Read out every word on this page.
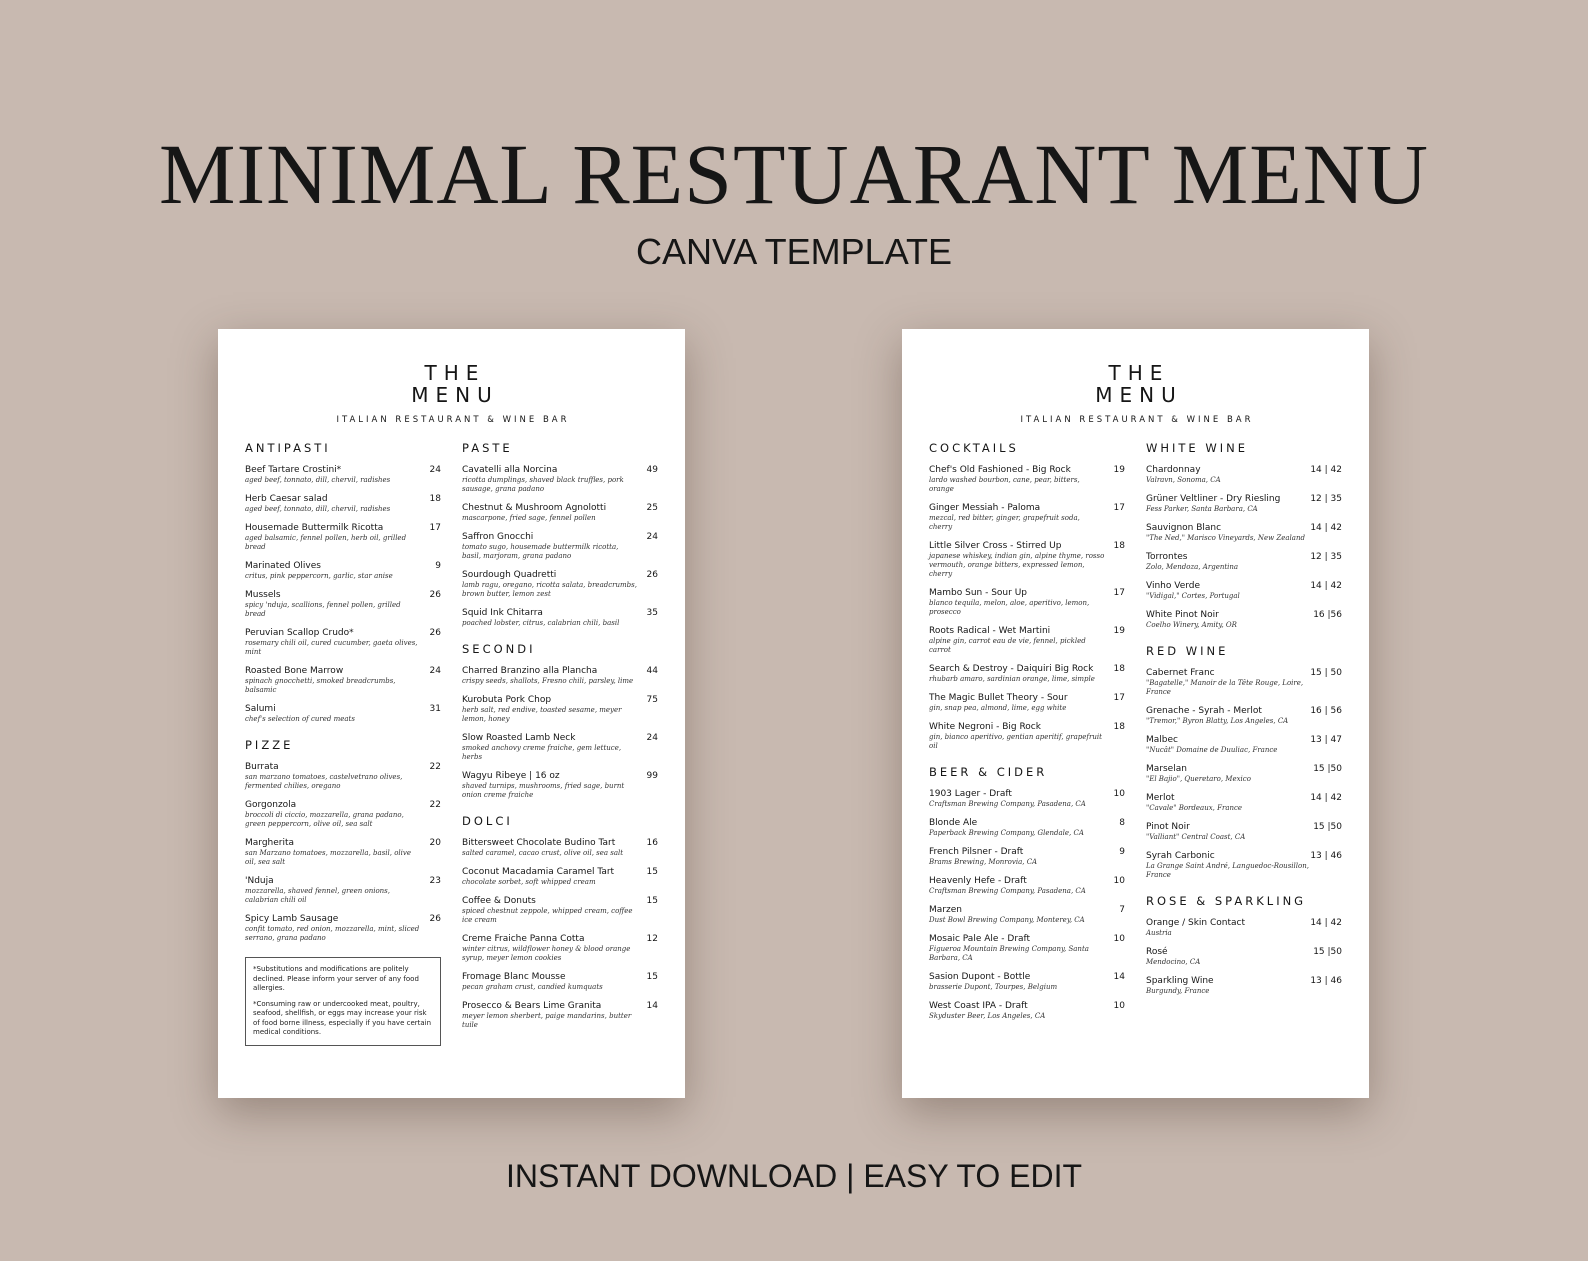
MINIMAL RESTUARANT MENU
CANVA TEMPLATE
THE
MENU
ITALIAN RESTAURANT & WINE BAR
ANTIPASTI
Beef Tartare Crostini*	24
aged beef, tonnato, dill, chervil, radishes
Herb Caesar salad	18
aged beef, tonnato, dill, chervil, radishes
Housemade Buttermilk Ricotta	17
aged balsamic, fennel pollen, herb oil, grilled bread
Marinated Olives	9
critus, pink peppercorn, garlic, star anise
Mussels	26
spicy 'nduja, scallions, fennel pollen, grilled bread
Peruvian Scallop Crudo*	26
rosemary chili oil, cured cucumber, gaeta olives, mint
Roasted Bone Marrow	24
spinach gnocchetti, smoked breadcrumbs, balsamic
Salumi	31
chef's selection of cured meats
PIZZE
Burrata	22
san marzano tomatoes, castelvetrano olives, fermented chilies, oregano
Gorgonzola	22
broccoli di ciccio, mozzarella, grana padano, green peppercorn, olive oil, sea salt
Margherita	20
san Marzano tomatoes, mozzarella, basil, olive oil, sea salt
'Nduja	23
mozzarella, shaved fennel, green onions, calabrian chili oil
Spicy Lamb Sausage	26
confit tomato, red onion, mozzarella, mint, sliced serrano, grana padano

*Substitutions and modifications are politely declined. Please inform your server of any food allergies.

*Consuming raw or undercooked meat, poultry, seafood, shellfish, or eggs may increase your risk of food borne illness, especially if you have certain medical conditions.

PASTE
Cavatelli alla Norcina	49
ricotta dumplings, shaved black truffles, pork sausage, grana padano
Chestnut & Mushroom Agnolotti	25
mascarpone, fried sage, fennel pollen
Saffron Gnocchi	24
tomato sugo, housemade buttermilk ricotta, basil, marjoram, grana padano
Sourdough Quadretti	26
lamb ragu, oregano, ricotta salata, breadcrumbs, brown butter, lemon zest
Squid Ink Chitarra	35
poached lobster, citrus, calabrian chili, basil
SECONDI
Charred Branzino alla Plancha	44
crispy seeds, shallots, Fresno chili, parsley, lime
Kurobuta Pork Chop	75
herb salt, red endive, toasted sesame, meyer lemon, honey
Slow Roasted Lamb Neck	24
smoked anchovy creme fraiche, gem lettuce, herbs
Wagyu Ribeye | 16 oz	99
shaved turnips, mushrooms, fried sage, burnt onion creme fraiche
DOLCI
Bittersweet Chocolate Budino Tart	16
salted caramel, cacao crust, olive oil, sea salt
Coconut Macadamia Caramel Tart	15
chocolate sorbet, soft whipped cream
Coffee & Donuts	15
spiced chestnut zeppole, whipped cream, coffee ice cream
Creme Fraiche Panna Cotta	12
winter citrus, wildflower honey & blood orange syrup, meyer lemon cookies
Fromage Blanc Mousse	15
pecan graham crust, candied kumquats
Prosecco & Bears Lime Granita	14
meyer lemon sherbert, paige mandarins, butter tuile
THE
MENU
ITALIAN RESTAURANT & WINE BAR
COCKTAILS
Chef's Old Fashioned - Big Rock	19
lardo washed bourbon, cane, pear, bitters, orange
Ginger Messiah - Paloma	17
mezcal, red bitter, ginger, grapefruit soda, cherry
Little Silver Cross - Stirred Up	18
japanese whiskey, indian gin, alpine thyme, rosso vermouth, orange bitters, expressed lemon, cherry
Mambo Sun - Sour Up	17
blanco tequila, melon, aloe, aperitivo, lemon, prosecco
Roots Radical - Wet Martini	19
alpine gin, carrot eau de vie, fennel, pickled carrot
Search & Destroy - Daiquiri Big Rock 18
rhubarb amaro, sardinian orange, lime, simple
The Magic Bullet Theory - Sour	17
gin, snap pea, almond, lime, egg white
White Negroni - Big Rock	18
gin, bianco aperitivo, gentian aperitif, grapefruit oil
BEER & CIDER
1903 Lager - Draft	10
Craftsman Brewing Company, Pasadena, CA
Blonde Ale	8
Paperback Brewing Company, Glendale, CA
French Pilsner - Draft	9
Brams Brewing, Monrovia, CA
Heavenly Hefe - Draft	10
Craftsman Brewing Company, Pasadena, CA
Marzen	7
Dust Bowl Brewing Company, Monterey, CA
Mosaic Pale Ale - Draft	10
Figueroa Mountain Brewing Company, Santa Barbara, CA
Sasion Dupont - Bottle	14
brasserie Dupont, Tourpes, Belgium
West Coast IPA - Draft	10
Skyduster Beer, Los Angeles, CA
WHITE WINE
Chardonnay	14 | 42
Valravn, Sonoma, CA
Grüner Veltliner - Dry Riesling	12 | 35
Fess Parker, Santa Barbara, CA
Sauvignon Blanc	14 | 42
"The Ned," Marisco Vineyards, New Zealand
Torrontes	12 | 35
Zolo, Mendoza, Argentina
Vinho Verde	14 | 42
"Vidigal," Cortes, Portugal
White Pinot Noir	16 |56
Coelho Winery, Amity, OR
RED WINE
Cabernet Franc	15 | 50
"Bagatelle," Manoir de la Tête Rouge, Loire, France
Grenache - Syrah - Merlot	16 | 56
"Tremor," Byron Blatty, Los Angeles, CA
Malbec	13 | 47
"Nucât" Domaine de Duuliac, France
Marselan	15 |50
"El Bajio", Queretaro, Mexico
Merlot	14 | 42
"Cavale" Bordeaux, France
Pinot Noir	15 |50
"Valliant" Central Coast, CA
Syrah Carbonic	13 | 46
La Grange Saint André, Languedoc-Rousillon, France
ROSE & SPARKLING
Orange / Skin Contact	14 | 42
Austria
Rosé	15 |50
Mendocino, CA
Sparkling Wine	13 | 46
Burgundy, France
INSTANT DOWNLOAD | EASY TO EDIT
